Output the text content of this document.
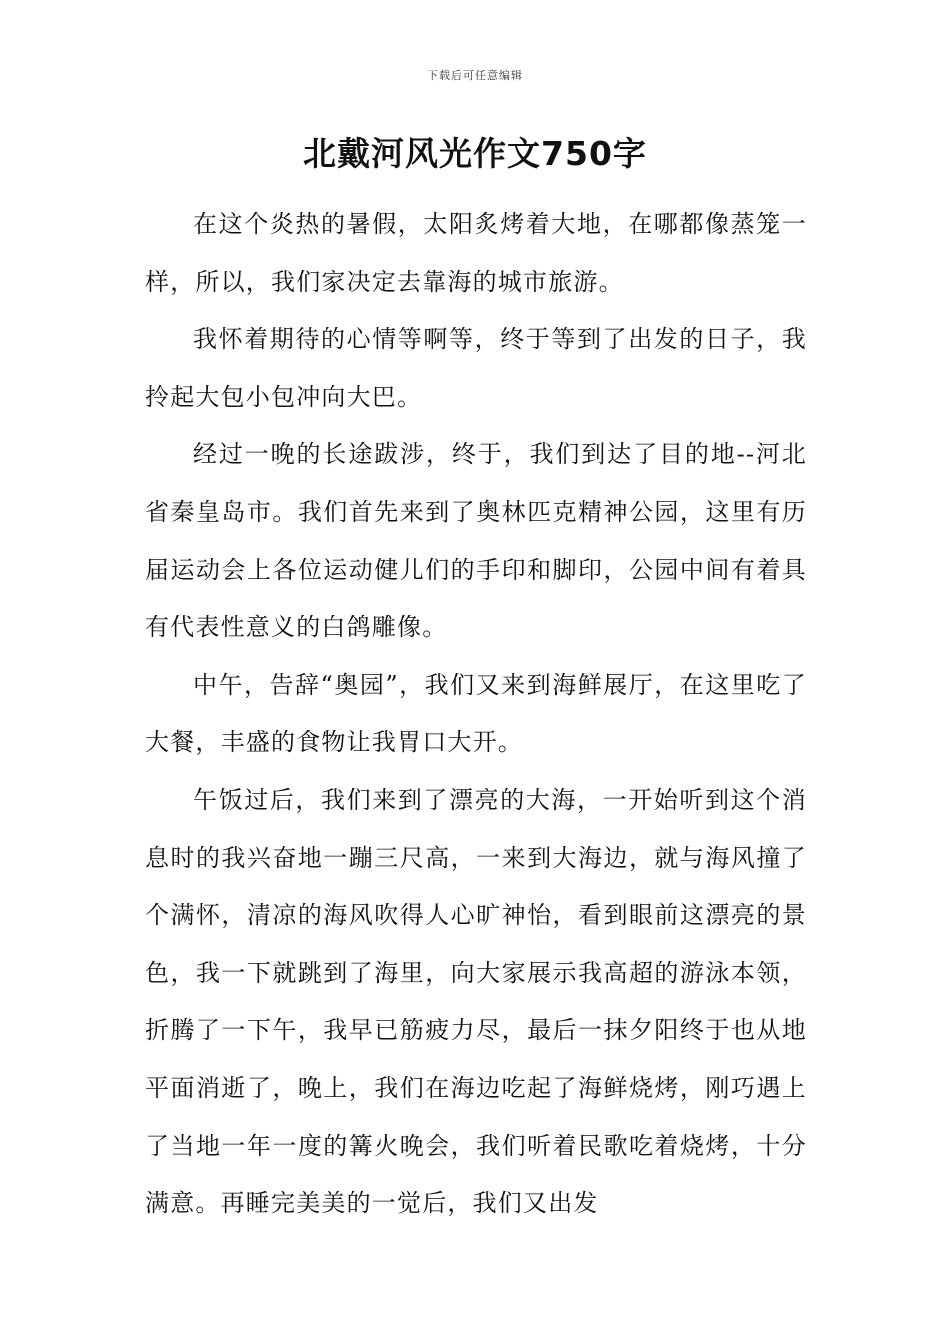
下载后可任意编辑
北戴河风光作文750字

在这个炎热的暑假，太阳炙烤着大地，在哪都像蒸笼一样，所以，我们家决定去靠海的城市旅游。

我怀着期待的心情等啊等，终于等到了出发的日子，我拎起大包小包冲向大巴。

经过一晚的长途跋涉，终于，我们到达了目的地--河北省秦皇岛市。我们首先来到了奥林匹克精神公园，这里有历届运动会上各位运动健儿们的手印和脚印，公园中间有着具有代表性意义的白鸽雕像。

中午，告辞“奥园”，我们又来到海鲜展厅，在这里吃了大餐，丰盛的食物让我胃口大开。

午饭过后，我们来到了漂亮的大海，一开始听到这个消息时的我兴奋地一蹦三尺高，一来到大海边，就与海风撞了个满怀，清凉的海风吹得人心旷神怡，看到眼前这漂亮的景色，我一下就跳到了海里，向大家展示我高超的游泳本领，折腾了一下午，我早已筋疲力尽，最后一抹夕阳终于也从地平面消逝了，晚上，我们在海边吃起了海鲜烧烤，刚巧遇上了当地一年一度的篝火晚会，我们听着民歌吃着烧烤，十分满意。再睡完美美的一觉后，我们又出发
